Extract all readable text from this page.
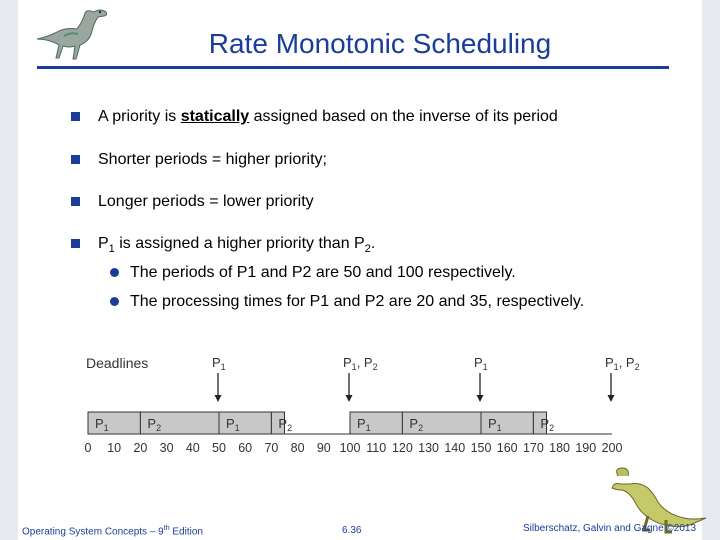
Rate Monotonic Scheduling
A priority is statically assigned based on the inverse of its period
Shorter periods = higher priority;
Longer periods = lower priority
$P_1$ is assigned a higher priority than $P_2$.
The periods of P1 and P2 are 50 and 100 respectively.
The processing times for P1 and P2 are 20 and 35, respectively.
Deadlines	$P_1$	$P_1$, $P_2$	$P_1$	$P_1$, $P_2$
$P_1$	$P_2$	$P_1$	$P_2$	$P_1$	$P_2$	$P_1$	$P_2$
0 10 20 30 40 50 60 70 80 90 100 110 120 130 140 150 160 170 180 190 200
Operating System Concepts – 9th Edition	6.36	Silberschatz, Galvin and Gagne ©2013
